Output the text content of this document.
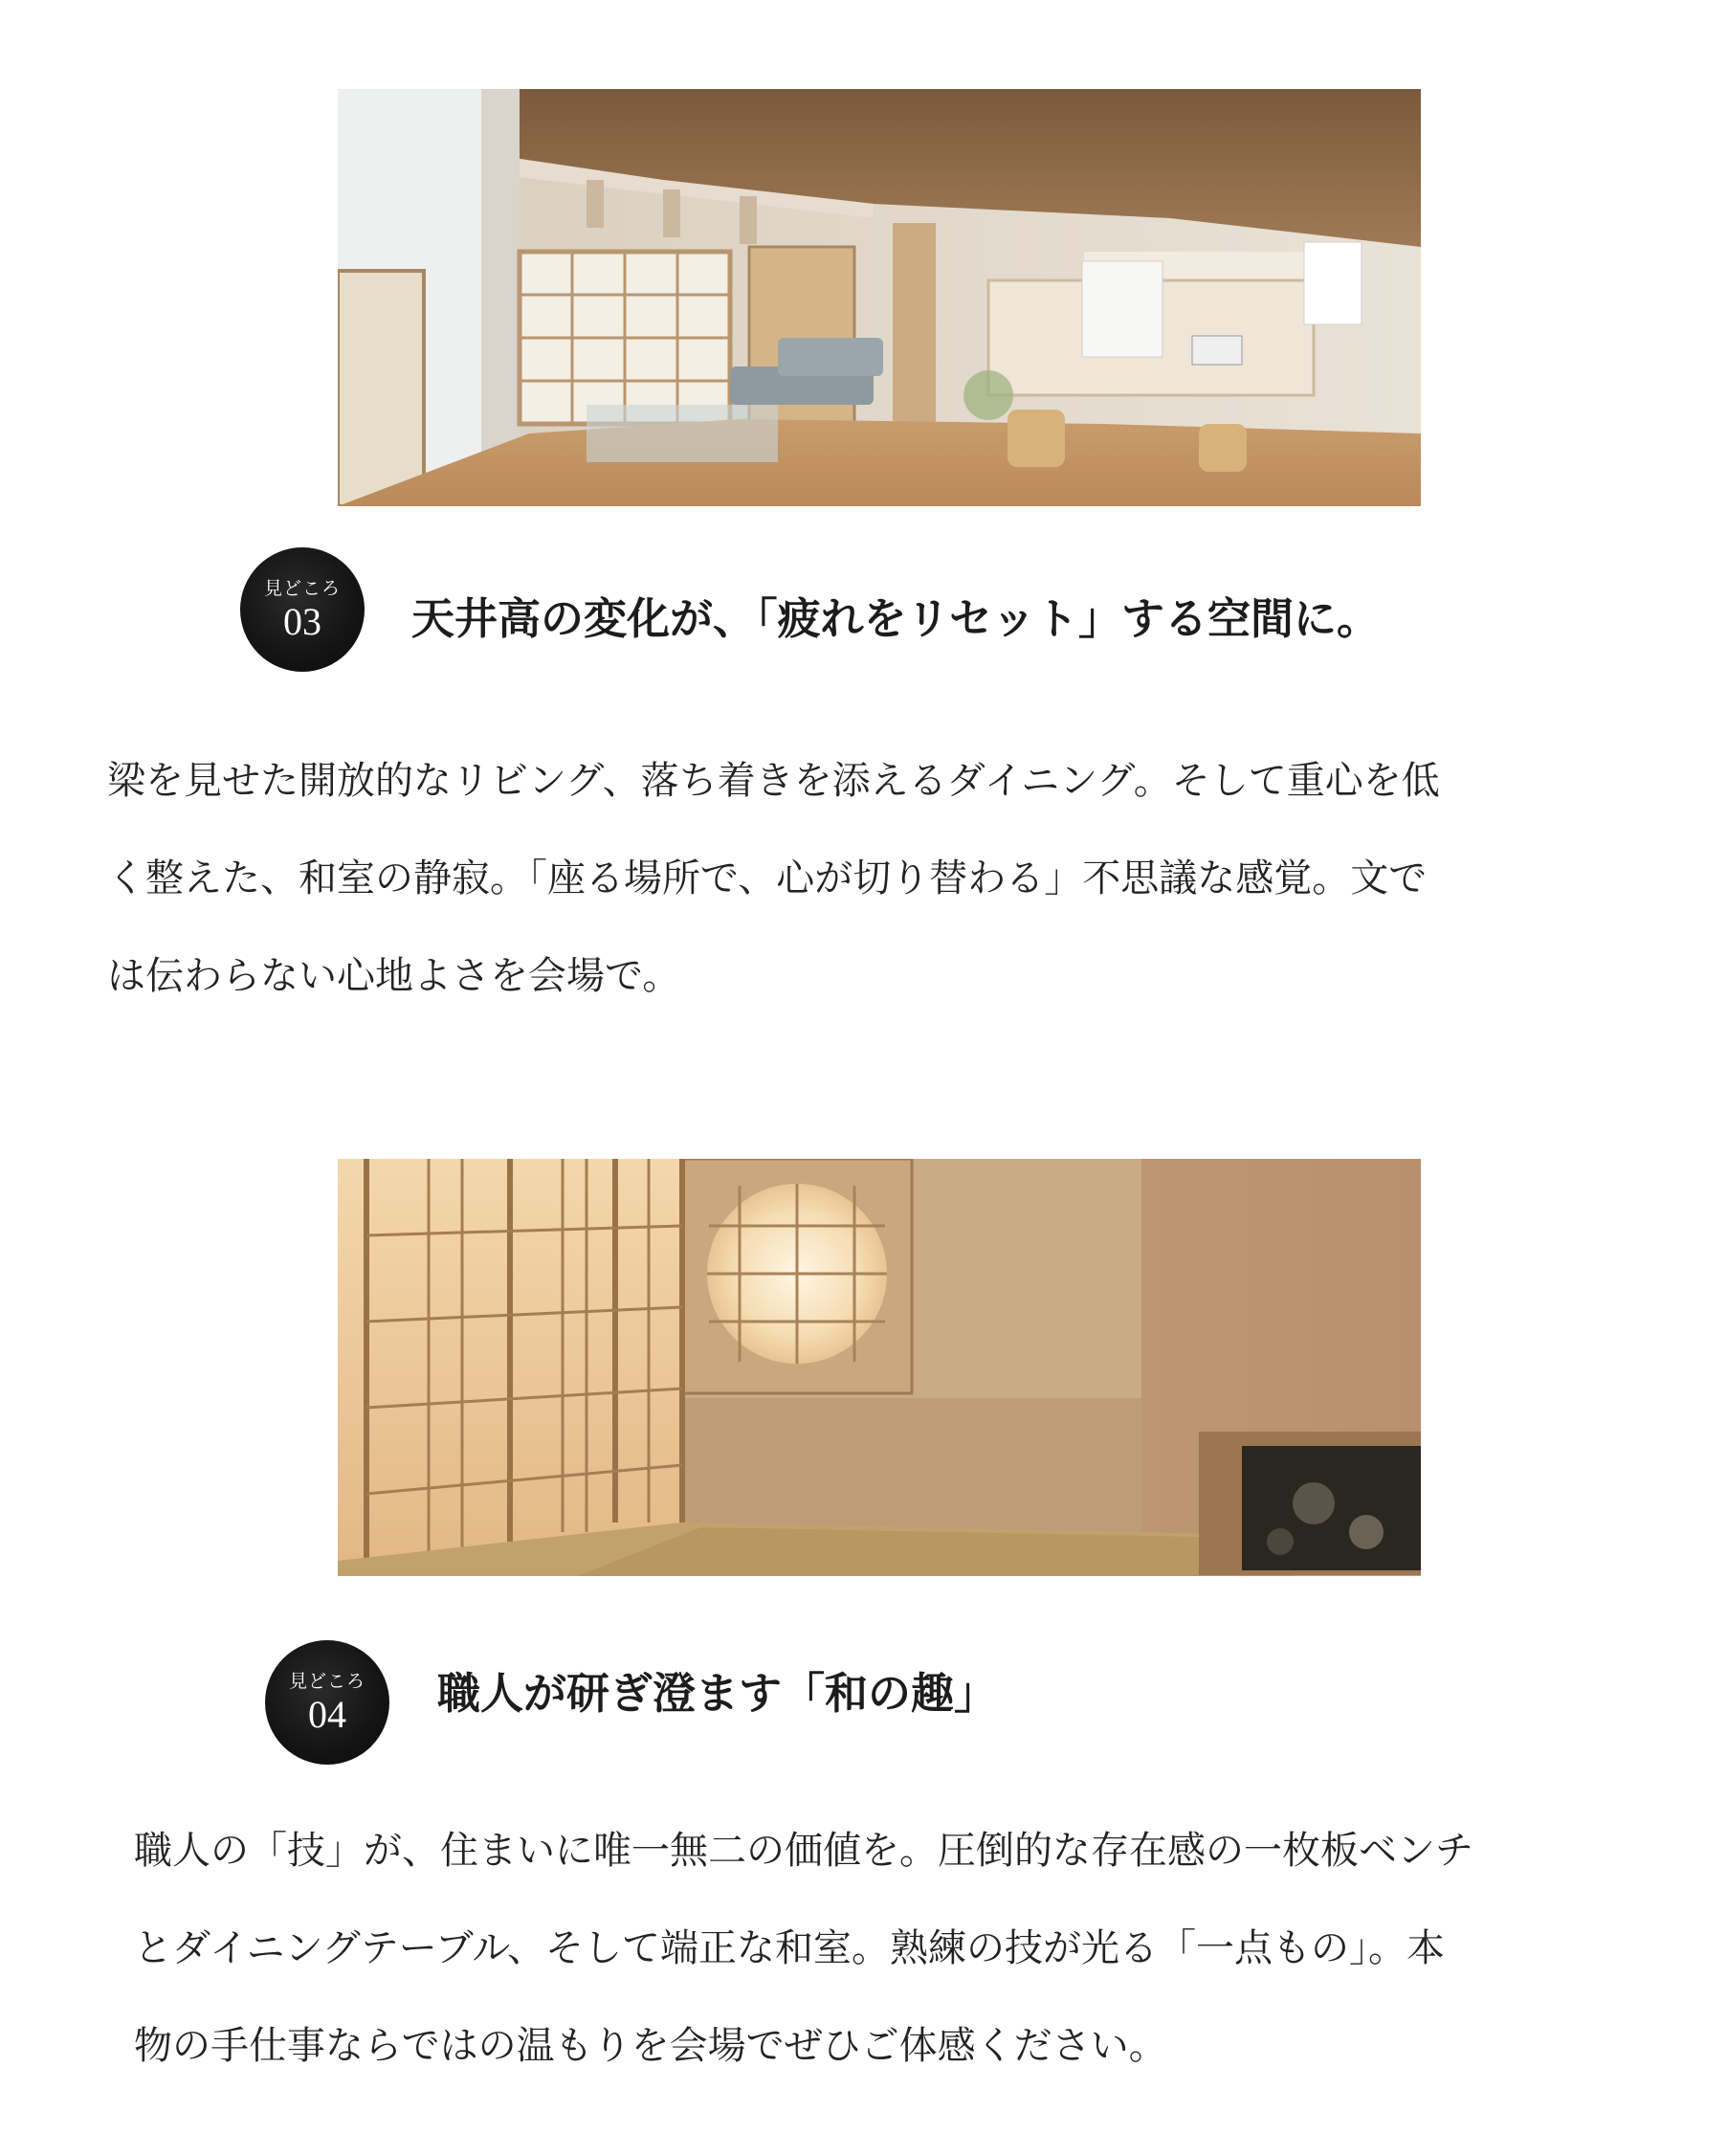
見どころ
03	天井高の変化が、「疲れをリセット」する空間に。
梁を見せた開放的なリビング、落ち着きを添えるダイニング。そして重心を低
く整えた、和室の静寂。「座る場所で、心が切り替わる」不思議な感覚。文で
は伝わらない心地よさを会場で。
見どころ
04	職人が研ぎ澄ます「和の趣」
職人の「技」が、住まいに唯一無二の価値を。圧倒的な存在感の一枚板ベンチ
とダイニングテーブル、そして端正な和室。熟練の技が光る「一点もの」。本
物の手仕事ならではの温もりを会場でぜひご体感ください。
